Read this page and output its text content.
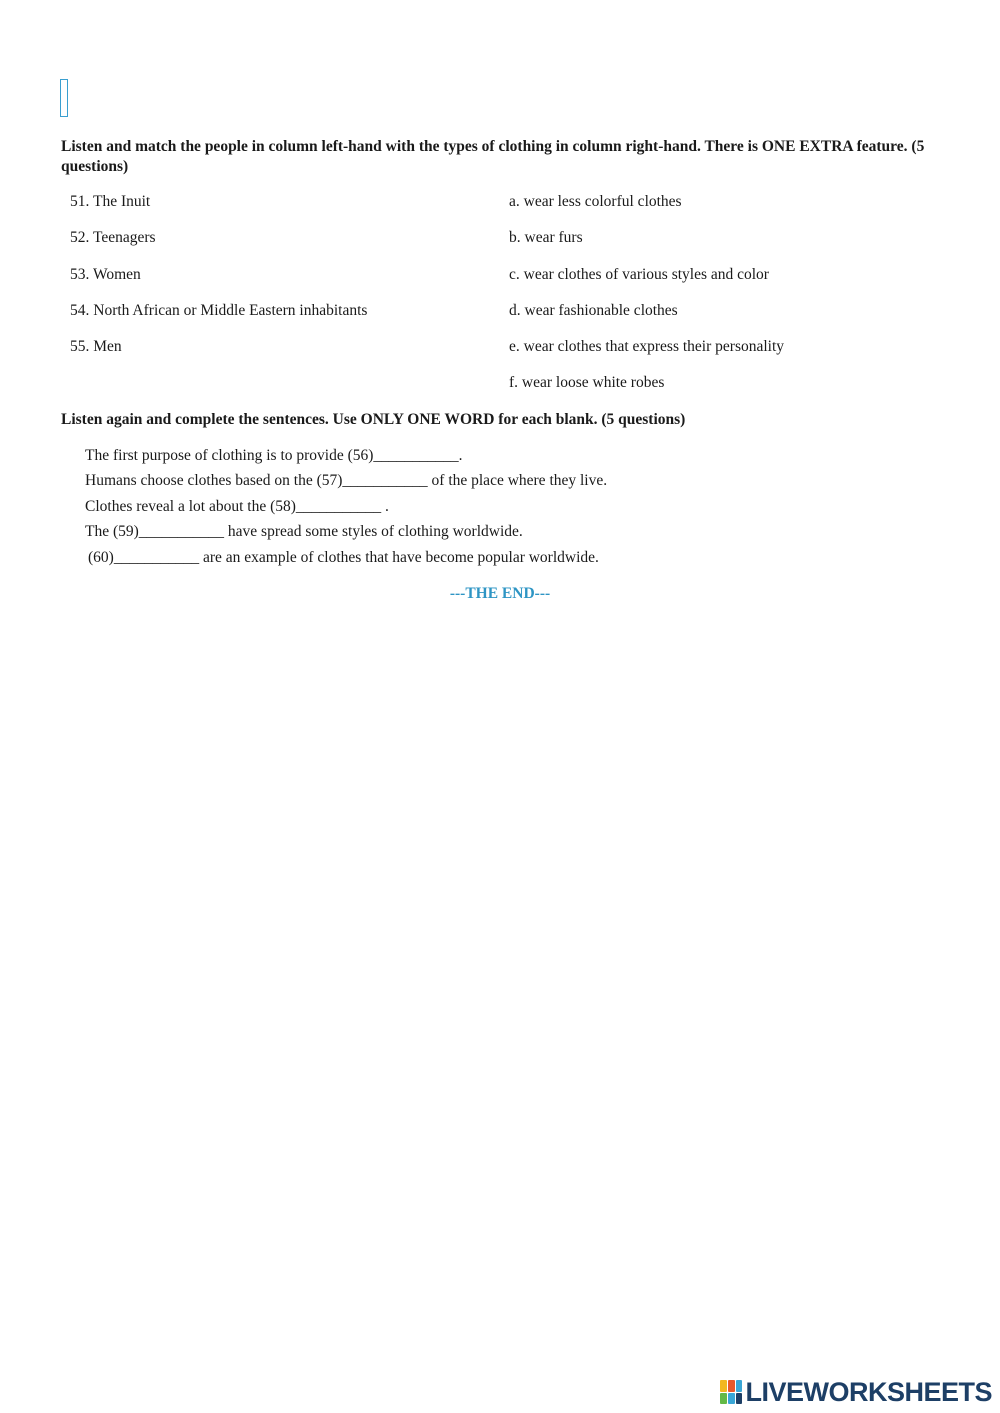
Listen and match the people in column left-hand with the types of clothing in column right-hand. There is ONE EXTRA feature. (5 questions)
51. The Inuit	a. wear less colorful clothes
52. Teenagers	b. wear furs
53. Women	c. wear clothes of various styles and color
54. North African or Middle Eastern inhabitants	d. wear fashionable clothes
55. Men	e. wear clothes that express their personality
f. wear loose white robes
Listen again and complete the sentences. Use ONLY ONE WORD for each blank. (5 questions)
The first purpose of clothing is to provide (56)___________.
Humans choose clothes based on the (57)___________ of the place where they live.
Clothes reveal a lot about the (58)___________ .
The (59)___________ have spread some styles of clothing worldwide.
(60)___________ are an example of clothes that have become popular worldwide.
---THE END---
LIVEWORKSHEETS
